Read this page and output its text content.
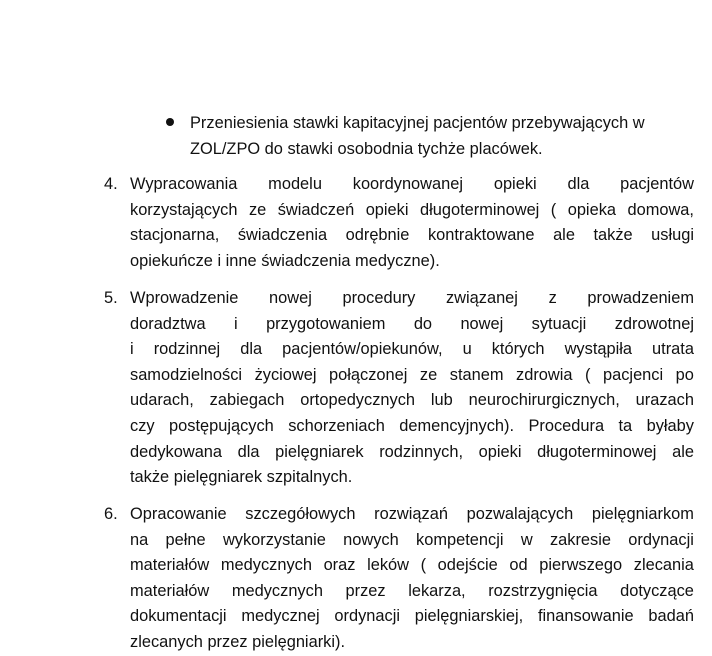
Przeniesienia stawki kapitacyjnej pacjentów przebywających w
ZOL/ZPO do stawki osobodnia tychże placówek.
4. Wypracowania modelu koordynowanej opieki dla pacjentów
korzystających ze świadczeń opieki długoterminowej ( opieka domowa,
stacjonarna, świadczenia odrębnie kontraktowane ale także usługi
opiekuńcze i inne świadczenia medyczne).
5. Wprowadzenie nowej procedury związanej z prowadzeniem
doradztwa i przygotowaniem do nowej sytuacji zdrowotnej
i rodzinnej dla pacjentów/opiekunów, u których wystąpiła utrata
samodzielności życiowej połączonej ze stanem zdrowia ( pacjenci po
udarach, zabiegach ortopedycznych lub neurochirurgicznych, urazach
czy postępujących schorzeniach demencyjnych). Procedura ta byłaby
dedykowana dla pielęgniarek rodzinnych, opieki długoterminowej ale
także pielęgniarek szpitalnych.
6. Opracowanie szczegółowych rozwiązań pozwalających pielęgniarkom
na pełne wykorzystanie nowych kompetencji w zakresie ordynacji
materiałów medycznych oraz leków ( odejście od pierwszego zlecania
materiałów medycznych przez lekarza, rozstrzygnięcia dotyczące
dokumentacji medycznej ordynacji pielęgniarskiej, finansowanie badań
zlecanych przez pielęgniarki).
